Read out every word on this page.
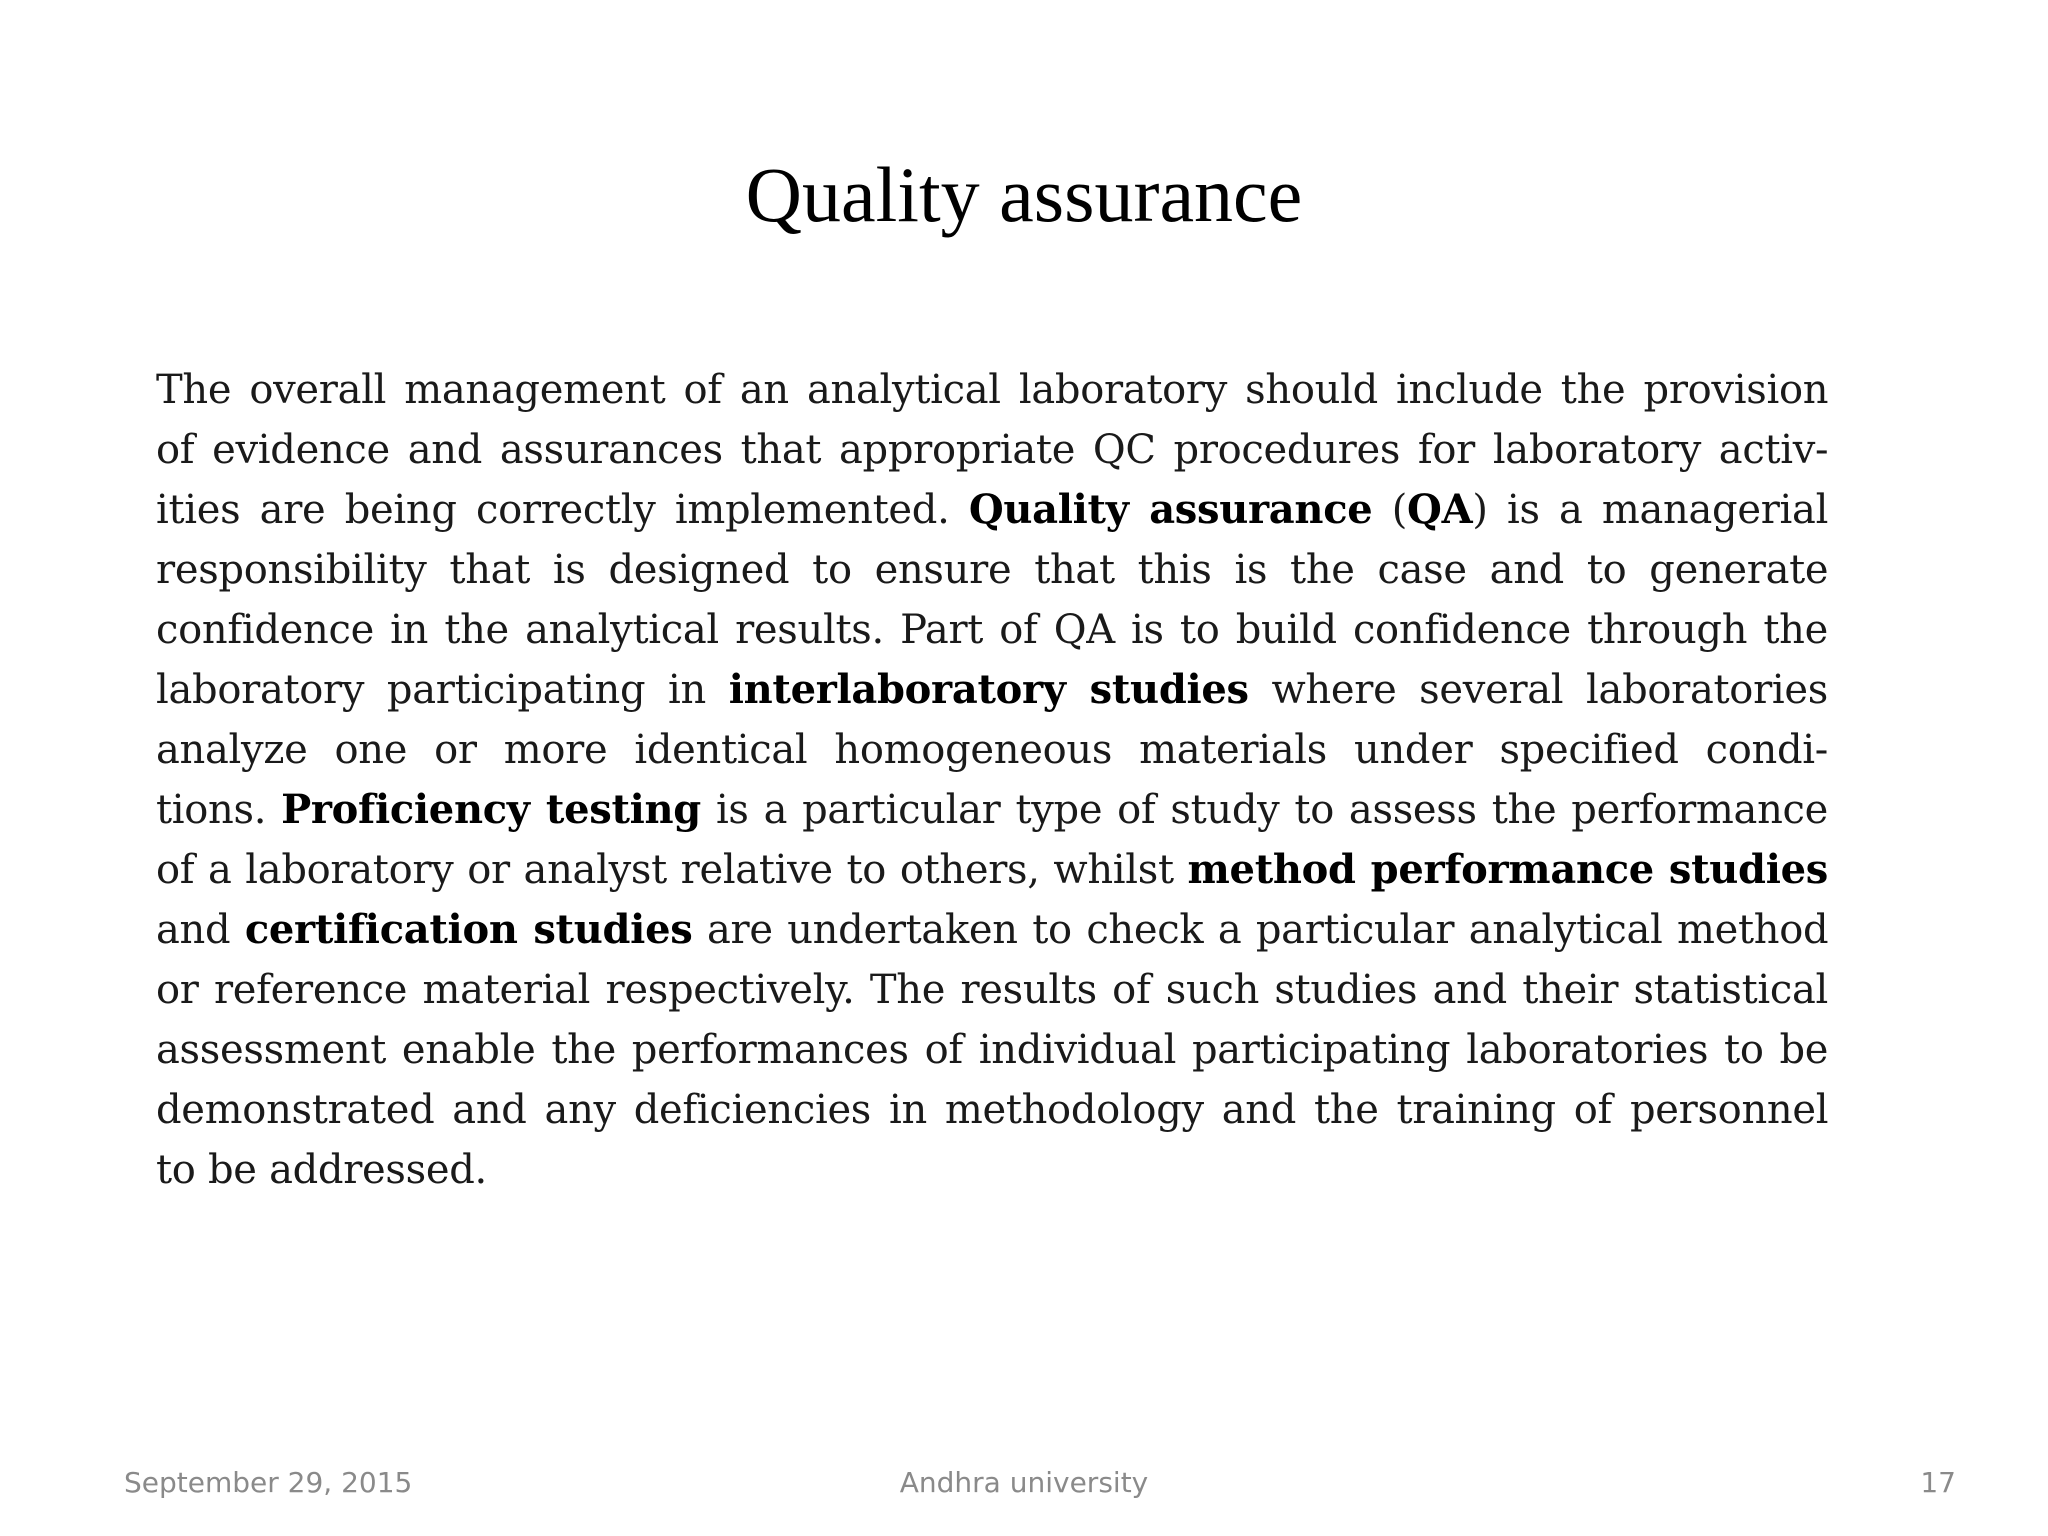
Quality assurance
The overall management of an analytical laboratory should include the provision
of evidence and assurances that appropriate QC procedures for laboratory activ-
ities are being correctly implemented. Quality assurance (QA) is a managerial
responsibility that is designed to ensure that this is the case and to generate
confidence in the analytical results. Part of QA is to build confidence through the
laboratory participating in interlaboratory studies where several laboratories
analyze one or more identical homogeneous materials under specified condi-
tions. Proficiency testing is a particular type of study to assess the performance
of a laboratory or analyst relative to others, whilst method performance studies
and certification studies are undertaken to check a particular analytical method
or reference material respectively. The results of such studies and their statistical
assessment enable the performances of individual participating laboratories to be
demonstrated and any deficiencies in methodology and the training of personnel
to be addressed.
September 29, 2015	Andhra university	17
